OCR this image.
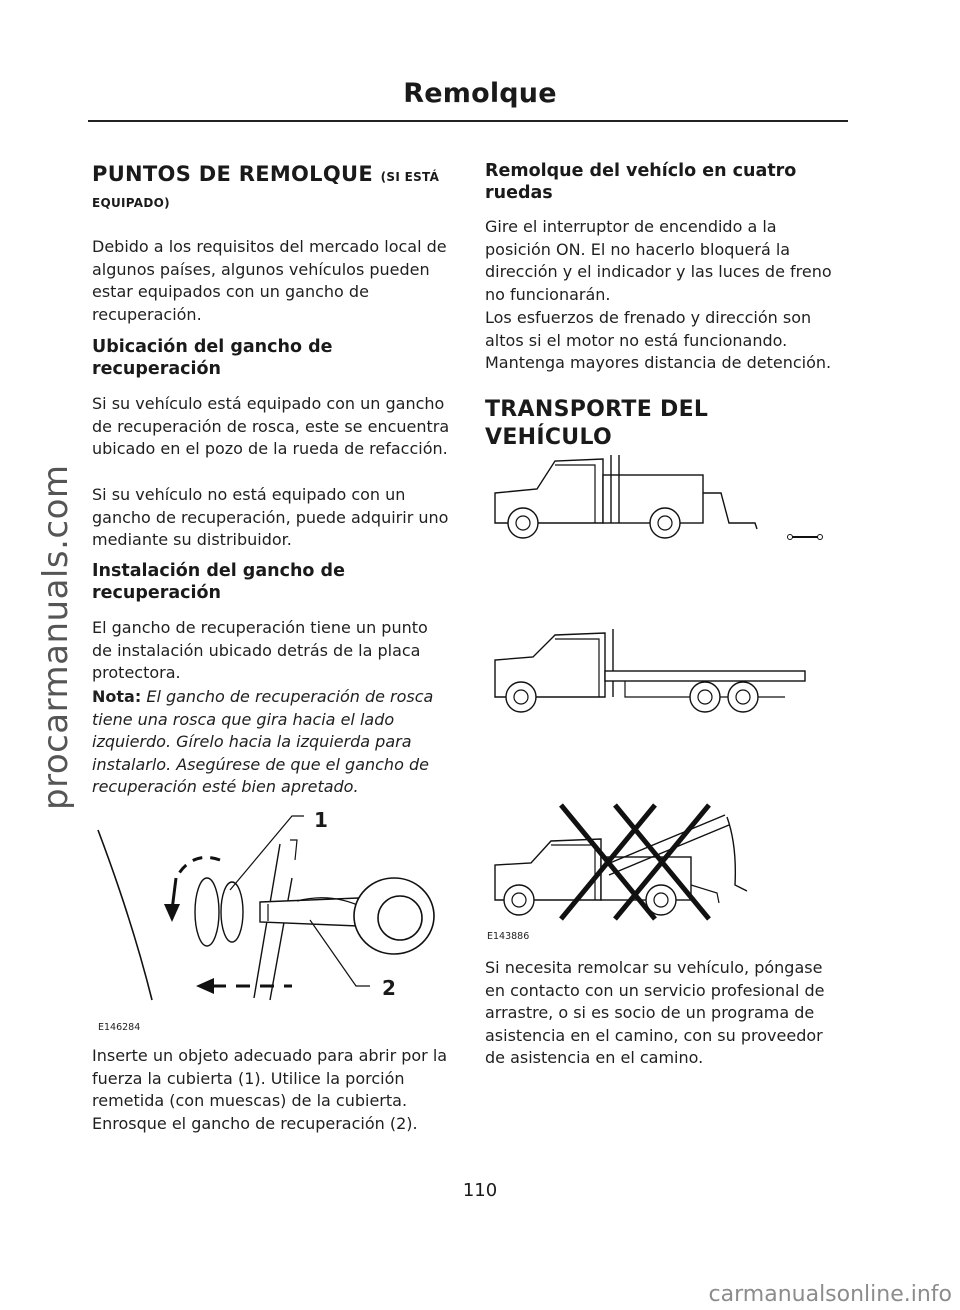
Remolque
procarmanuals.com
carmanualsonline.info
PUNTOS DE REMOLQUE (SI ESTÁ
EQUIPADO)
Debido a los requisitos del mercado local de algunos países, algunos vehículos pueden estar equipados con un gancho de recuperación.
Ubicación del gancho de recuperación
Si su vehículo está equipado con un gancho de recuperación de rosca, este se encuentra ubicado en el pozo de la rueda de refacción.
Si su vehículo no está equipado con un gancho de recuperación, puede adquirir uno mediante su distribuidor.
Instalación del gancho de recuperación
El gancho de recuperación tiene un punto de instalación ubicado detrás de la placa protectora.
Nota: El gancho de recuperación de rosca tiene una rosca que gira hacia el lado izquierdo. Gírelo hacia la izquierda para instalarlo. Asegúrese de que el gancho de recuperación esté bien apretado.
1
2
E146284
Inserte un objeto adecuado para abrir por la fuerza la cubierta (1). Utilice la porción remetida (con muescas) de la cubierta. Enrosque el gancho de recuperación (2).
Remolque del vehíclo en cuatro ruedas
Gire el interruptor de encendido a la posición ON. El no hacerlo bloquerá la dirección y el indicador y las luces de freno no funcionarán.
Los esfuerzos de frenado y dirección son altos si el motor no está funcionando. Mantenga mayores distancia de detención.
TRANSPORTE DEL VEHÍCULO
E143886
Si necesita remolcar su vehículo, póngase en contacto con un servicio profesional de arrastre, o si es socio de un programa de asistencia en el camino, con su proveedor de asistencia en el camino.
110
